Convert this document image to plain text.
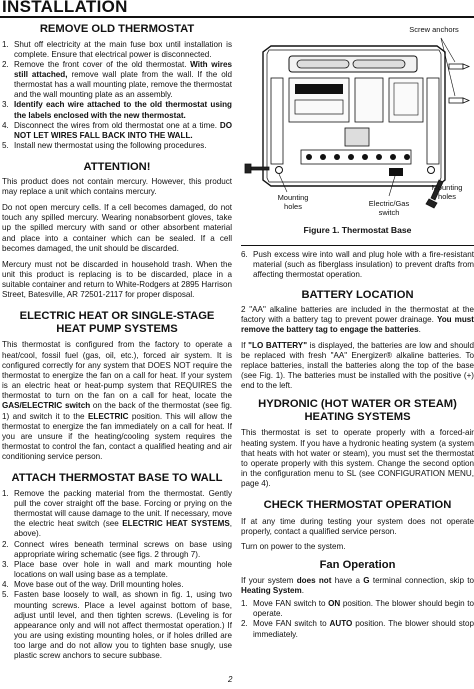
INSTALLATION
REMOVE OLD THERMOSTAT
1. Shut off electricity at the main fuse box until installation is complete. Ensure that electrical power is disconnected.
2. Remove the front cover of the old thermostat. With wires still attached, remove wall plate from the wall. If the old thermostat has a wall mounting plate, remove the thermostat and the wall mounting plate as an assembly.
3. Identify each wire attached to the old thermostat using the labels enclosed with the new thermostat.
4. Disconnect the wires from old thermostat one at a time. DO NOT LET WIRES FALL BACK INTO THE WALL.
5. Install new thermostat using the following procedures.
ATTENTION!

This product does not contain mercury. However, this product may replace a unit which contains mercury.

Do not open mercury cells. If a cell becomes damaged, do not touch any spilled mercury. Wearing nonabsorbent gloves, take up the spilled mercury with sand or other absorbent material and place into a container which can be sealed. If a cell becomes damaged, the unit should be discarded.

Mercury must not be discarded in household trash. When the unit this product is replacing is to be discarded, place in a suitable container and return to White-Rodgers at 2895 Harrison Street, Batesville, AR 72501-2117 for proper disposal.

ELECTRIC HEAT OR SINGLE-STAGE
HEAT PUMP SYSTEMS

This thermostat is configured from the factory to operate a heat/cool, fossil fuel (gas, oil, etc.), forced air system. It is configured correctly for any system that DOES NOT require the thermostat to energize the fan on a call for heat. If your system is an electric heat or heat-pump system that REQUIRES the thermostat to turn on the fan on a call for heat, locate the GAS/ELECTRIC switch on the back of the thermostat (see fig. 1) and switch it to the ELECTRIC position. This will allow the thermostat to energize the fan immediately on a call for heat. If you are unsure if the heating/cooling system requires the thermostat to control the fan, contact a qualified heating and air conditioning service person.

ATTACH THERMOSTAT BASE TO WALL
1. Remove the packing material from the thermostat. Gently pull the cover straight off the base. Forcing or prying on the thermostat will cause damage to the unit. If necessary, move the electric heat switch (see ELECTRIC HEAT SYSTEMS, above).
2. Connect wires beneath terminal screws on base using appropriate wiring schematic (see figs. 2 through 7).
3. Place base over hole in wall and mark mounting hole locations on wall using base as a template.
4. Move base out of the way. Drill mounting holes.
5. Fasten base loosely to wall, as shown in fig. 1, using two mounting screws. Place a level against bottom of base, adjust until level, and then tighten screws. (Leveling is for appearance only and will not affect thermostat operation.) If you are using existing mounting holes, or if holes drilled are too large and do not allow you to tighten base snugly, use plastic screw anchors to secure subbase.
Screw anchors
Mounting holes	Electric/Gas switch
Mounting holes

Figure 1. Thermostat Base

6. Push excess wire into wall and plug hole with a fire-resistant material (such as fiberglass insulation) to prevent drafts from affecting thermostat operation.
BATTERY LOCATION

2 "AA" alkaline batteries are included in the thermostat at the factory with a battery tag to prevent power drainage. You must remove the battery tag to engage the batteries.

If "LO BATTERY" is displayed, the batteries are low and should be replaced with fresh "AA" Energizer® alkaline batteries. To replace batteries, install the batteries along the top of the base (see Fig. 1). The batteries must be installed with the positive (+) end to the left.

HYDRONIC (HOT WATER OR STEAM)
HEATING SYSTEMS

This thermostat is set to operate properly with a forced-air heating system. If you have a hydronic heating system (a system that heats with hot water or steam), you must set the thermostat to operate properly with this system. Change the second option in the configuration menu to SL (see CONFIGURATION MENU, page 4).

CHECK THERMOSTAT OPERATION

If at any time during testing your system does not operate properly, contact a qualified service person.

Turn on power to the system.

Fan Operation

If your system does not have a G terminal connection, skip to Heating System.

1. Move FAN switch to ON position. The blower should begin to operate.
2. Move FAN switch to AUTO position. The blower should stop immediately.
2
